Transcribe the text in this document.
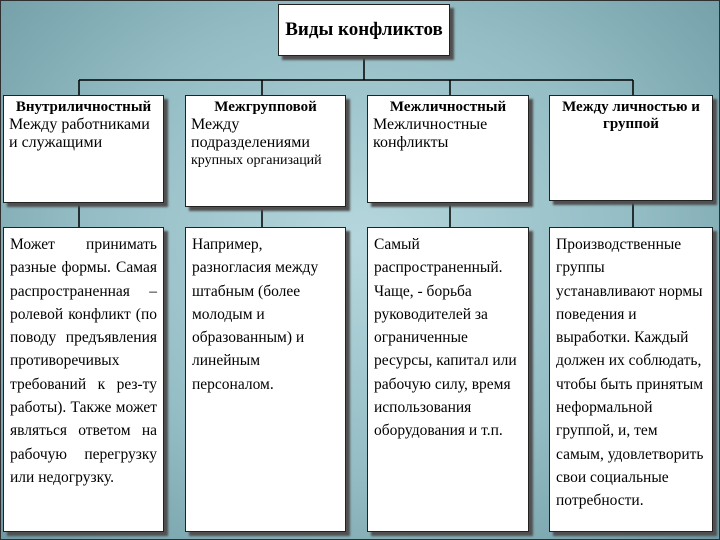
Виды конфликтов
Внутриличностный
Между работниками и служащими
Может принимать разные формы. Самая распространенная – ролевой конфликт (по поводу предъявления противоречивых требований к рез-ту работы). Также может являться ответом на рабочую перегрузку или недогрузку.
Межгрупповой
Между подразделениями
крупных организаций
Например, разногласия между штабным (более молодым и образованным) и линейным персоналом.
Межличностный
Межличностные конфликты
Самый распространенный. Чаще, - борьба руководителей за ограниченные ресурсы, капитал или рабочую силу, время использования оборудования и т.п.
Между личностью и группой
Производственные группы устанавливают нормы поведения и выработки. Каждый должен их соблюдать, чтобы быть принятым неформальной группой, и, тем самым, удовлетворить свои социальные потребности.
